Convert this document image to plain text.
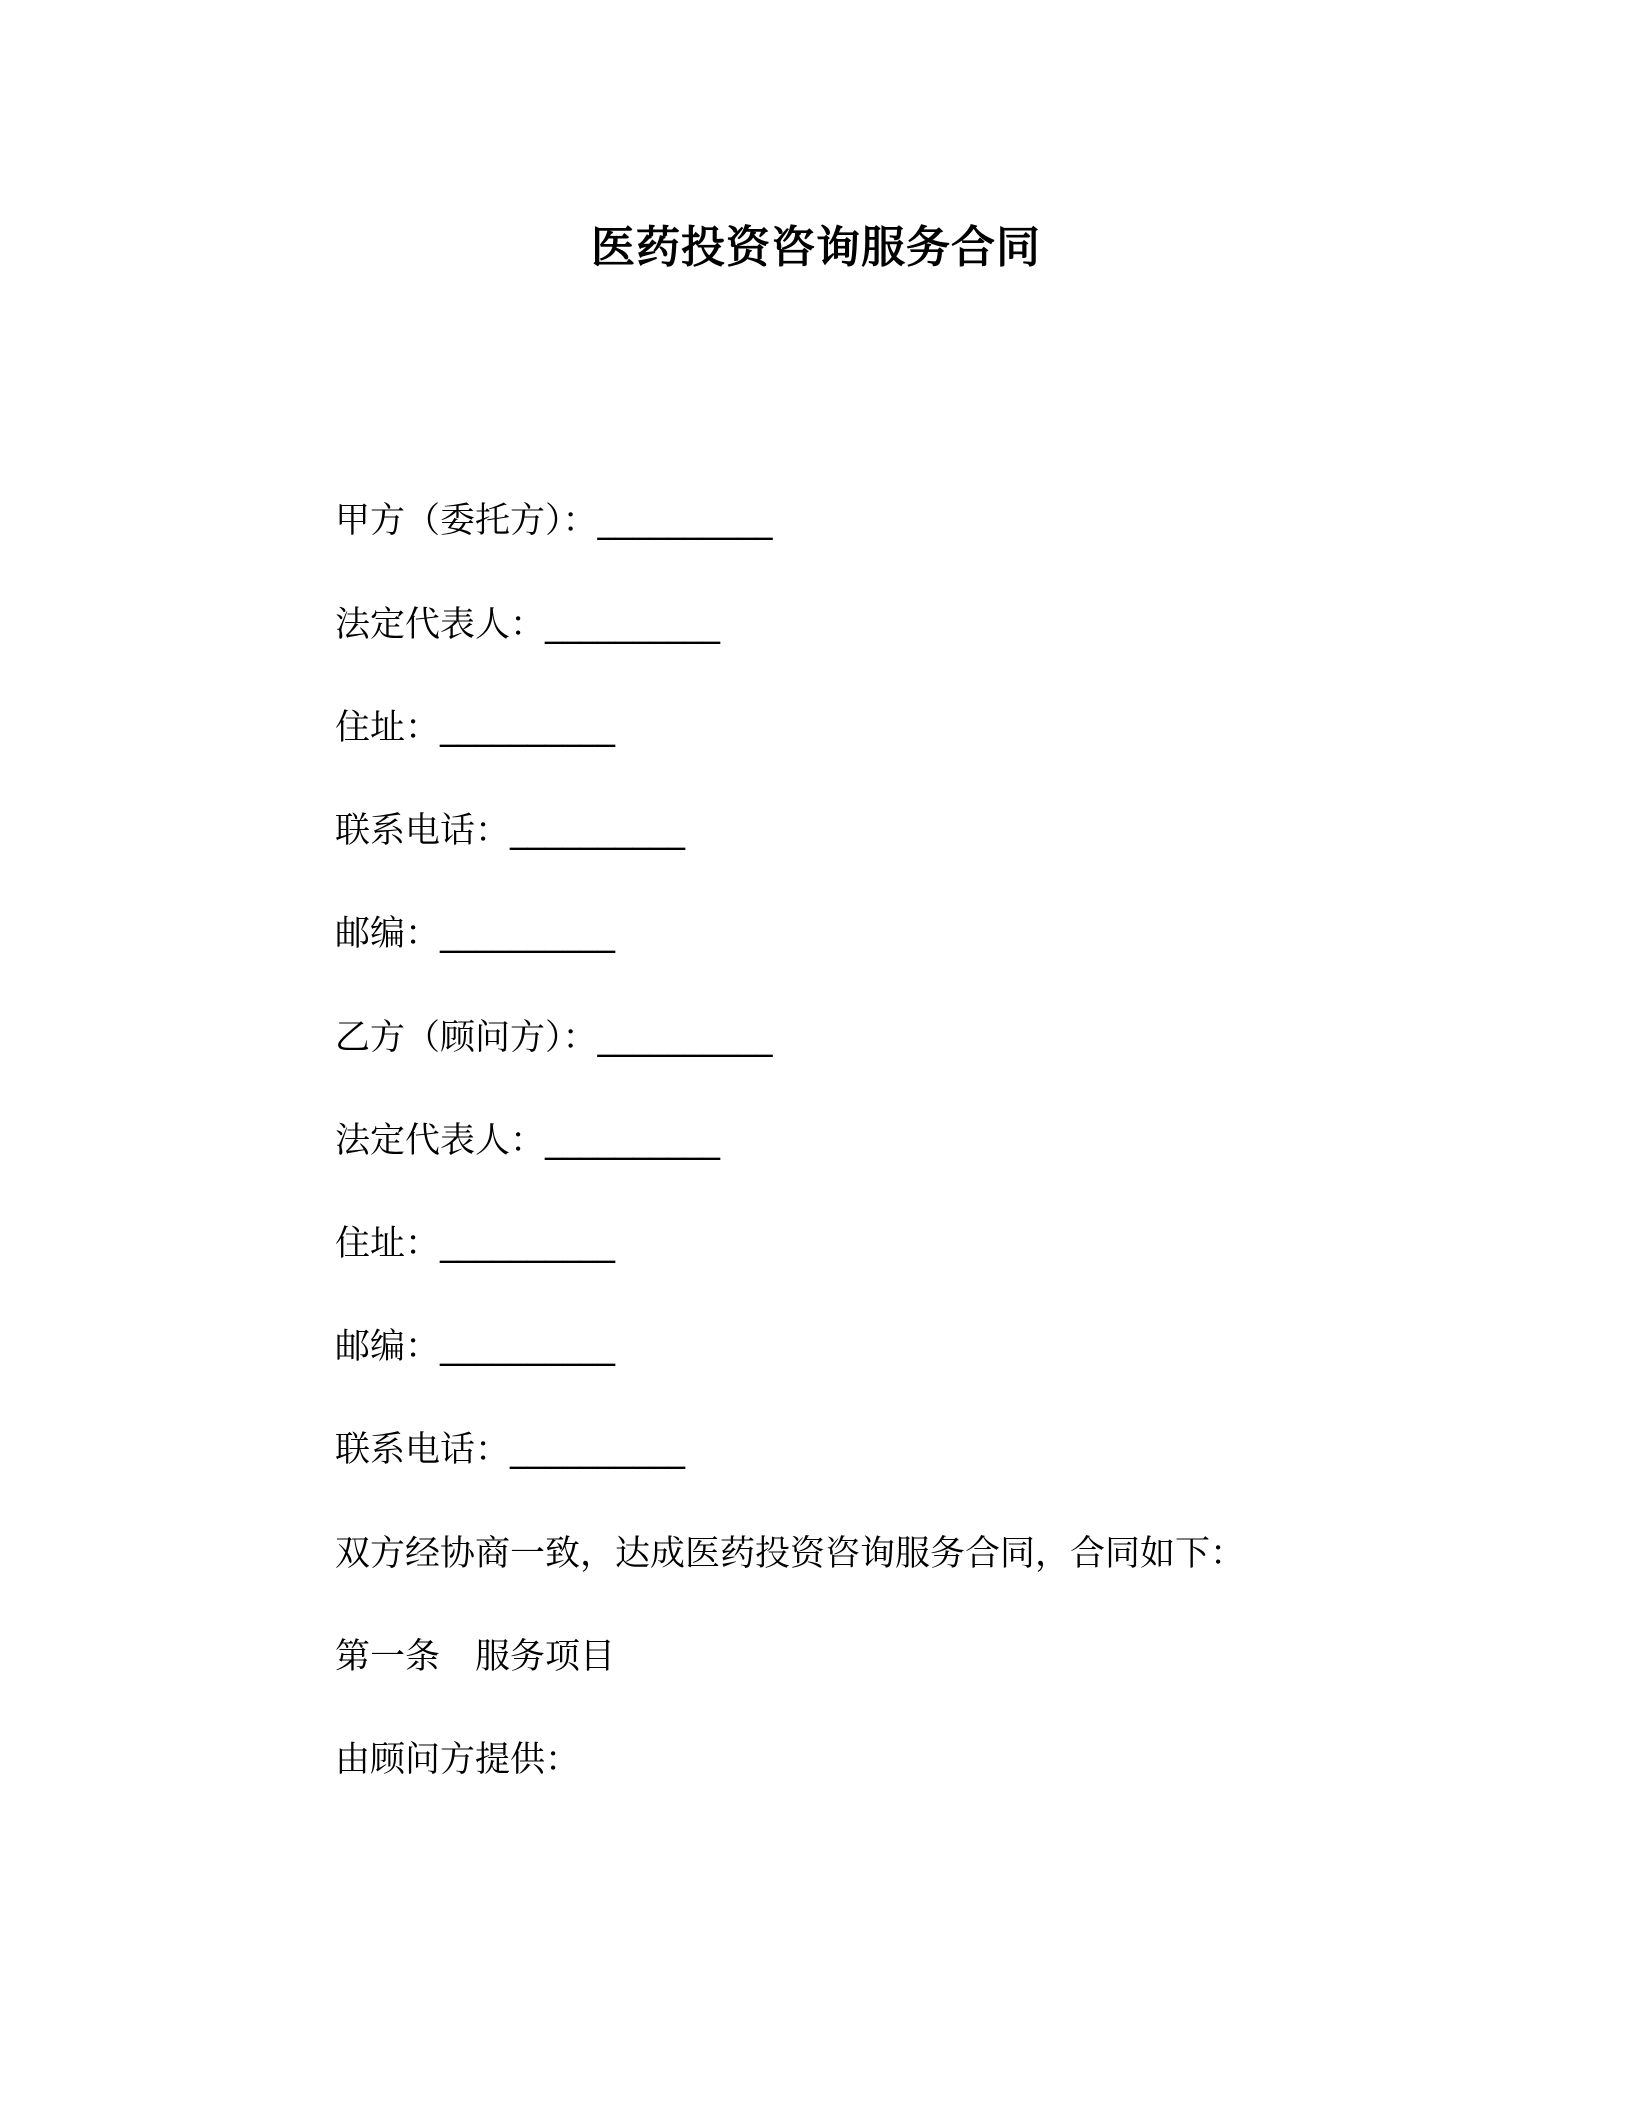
医药投资咨询服务合同
甲方（委托方）：__________
法定代表人：__________
住址：__________
联系电话：__________
邮编：__________
乙方（顾问方）：__________
法定代表人：__________
住址：__________
邮编：__________
联系电话：__________
双方经协商一致，达成医药投资咨询服务合同，合同如下：
第一条　服务项目
由顾问方提供：
